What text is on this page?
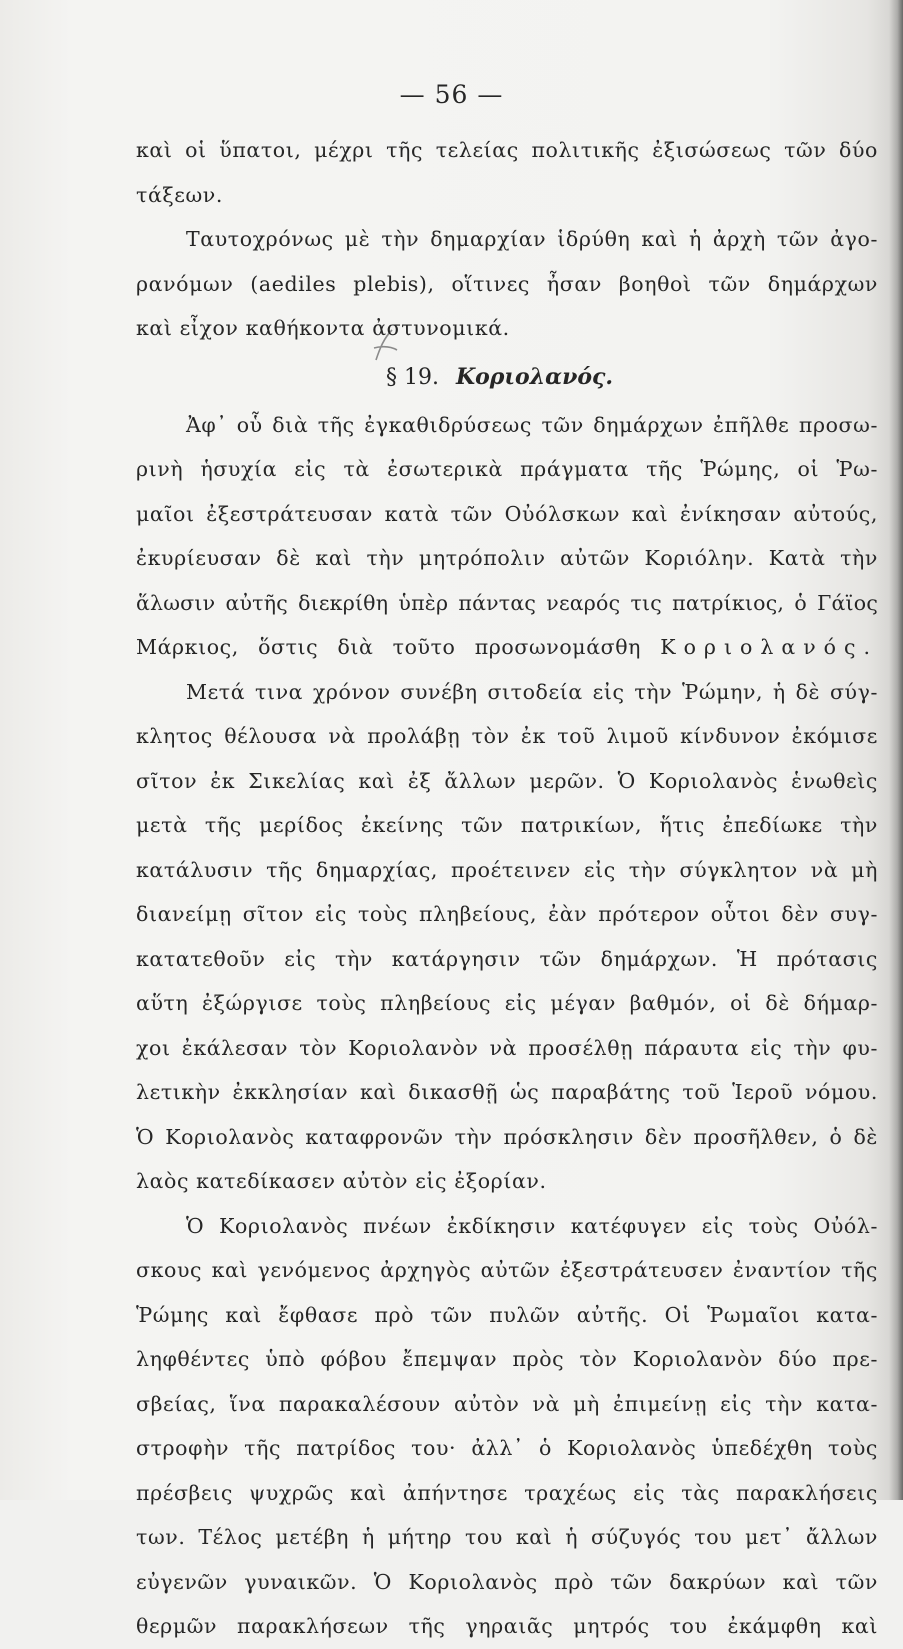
— 56 —
καὶ οἱ ὕπατοι, μέχρι τῆς τελείας πολιτικῆς ἐξισώσεως τῶν δύο
τάξεων.
Ταυτοχρόνως μὲ τὴν δημαρχίαν ἱδρύθη καὶ ἡ ἀρχὴ τῶν ἀγο-
ρανόμων (aediles plebis), οἵτινες ἦσαν βοηθοὶ τῶν δημάρχων
καὶ εἶχον καθήκοντα ἀστυνομικά.
§ 19. Κοριολανός.
Ἀφ᾽ οὗ διὰ τῆς ἐγκαθιδρύσεως τῶν δημάρχων ἐπῆλθε προσω-
ρινὴ ἡσυχία εἰς τὰ ἐσωτερικὰ πράγματα τῆς Ῥώμης, οἱ Ῥω-
μαῖοι ἐξεστράτευσαν κατὰ τῶν Οὐόλσκων καὶ ἐνίκησαν αὐτούς,
ἐκυρίευσαν δὲ καὶ τὴν μητρόπολιν αὐτῶν Κοριόλην. Κατὰ τὴν
ἅλωσιν αὐτῆς διεκρίθη ὑπὲρ πάντας νεαρός τις πατρίκιος, ὁ Γάϊος
Μάρκιος, ὅστις διὰ τοῦτο προσωνομάσθη Κοριολανός.
Μετά τινα χρόνον συνέβη σιτοδεία εἰς τὴν Ῥώμην, ἡ δὲ σύγ-
κλητος θέλουσα νὰ προλάβῃ τὸν ἐκ τοῦ λιμοῦ κίνδυνον ἐκόμισε
σῖτον ἐκ Σικελίας καὶ ἐξ ἄλλων μερῶν. Ὁ Κοριολανὸς ἑνωθεὶς
μετὰ τῆς μερίδος ἐκείνης τῶν πατρικίων, ἥτις ἐπεδίωκε τὴν
κατάλυσιν τῆς δημαρχίας, προέτεινεν εἰς τὴν σύγκλητον νὰ μὴ
διανείμῃ σῖτον εἰς τοὺς πληβείους, ἐὰν πρότερον οὗτοι δὲν συγ-
κατατεθοῦν εἰς τὴν κατάργησιν τῶν δημάρχων. Ἡ πρότασις
αὕτη ἐξώργισε τοὺς πληβείους εἰς μέγαν βαθμόν, οἱ δὲ δήμαρ-
χοι ἐκάλεσαν τὸν Κοριολανὸν νὰ προσέλθῃ πάραυτα εἰς τὴν φυ-
λετικὴν ἐκκλησίαν καὶ δικασθῇ ὡς παραβάτης τοῦ Ἱεροῦ νόμου.
Ὁ Κοριολανὸς καταφρονῶν τὴν πρόσκλησιν δὲν προσῆλθεν, ὁ δὲ
λαὸς κατεδίκασεν αὐτὸν εἰς ἐξορίαν.
Ὁ Κοριολανὸς πνέων ἐκδίκησιν κατέφυγεν εἰς τοὺς Οὐόλ-
σκους καὶ γενόμενος ἀρχηγὸς αὐτῶν ἐξεστράτευσεν ἐναντίον τῆς
Ῥώμης καὶ ἔφθασε πρὸ τῶν πυλῶν αὐτῆς. Οἱ Ῥωμαῖοι κατα-
ληφθέντες ὑπὸ φόβου ἔπεμψαν πρὸς τὸν Κοριολανὸν δύο πρε-
σβείας, ἵνα παρακαλέσουν αὐτὸν νὰ μὴ ἐπιμείνῃ εἰς τὴν κατα-
στροφὴν τῆς πατρίδος του· ἀλλ᾽ ὁ Κοριολανὸς ὑπεδέχθη τοὺς
πρέσβεις ψυχρῶς καὶ ἀπήντησε τραχέως εἰς τὰς παρακλήσεις
των. Τέλος μετέβη ἡ μήτηρ του καὶ ἡ σύζυγός του μετ᾽ ἄλλων
εὐγενῶν γυναικῶν. Ὁ Κοριολανὸς πρὸ τῶν δακρύων καὶ τῶν
θερμῶν παρακλήσεων τῆς γηραιᾶς μητρός του ἐκάμφθη καὶ
